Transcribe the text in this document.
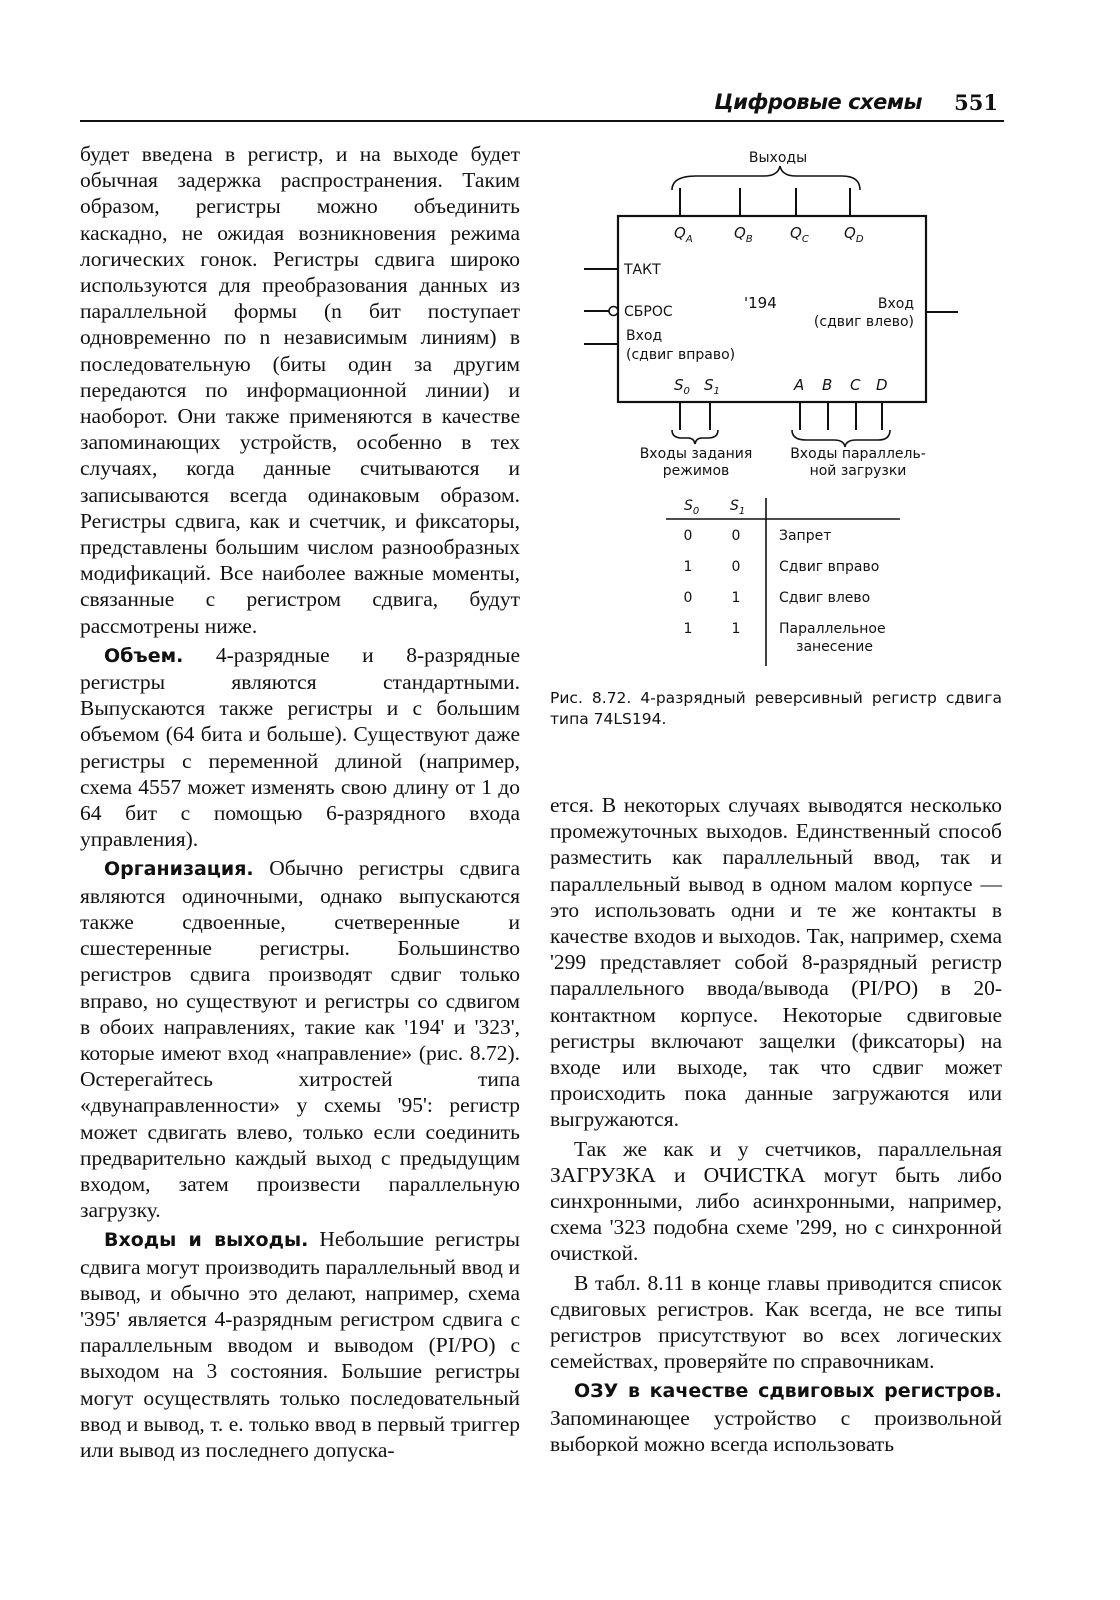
Цифровые схемы 551

будет введена в регистр, и на выходе будет обычная задержка распространения. Таким образом, регистры можно объединить каскадно, не ожидая возникновения режима логических гонок. Регистры сдвига широко используются для преобразования данных из параллельной формы (n бит поступает одновременно по n независимым линиям) в последовательную (биты один за другим передаются по информационной линии) и наоборот. Они также применяются в качестве запоминающих устройств, особенно в тех случаях, когда данные считываются и записываются всегда одинаковым образом. Регистры сдвига, как и счетчик, и фиксаторы, представлены большим числом разнообразных модификаций. Все наиболее важные моменты, связанные с регистром сдвига, будут рассмотрены ниже.

Объем. 4-разрядные и 8-разрядные регистры являются стандартными. Выпускаются также регистры и с большим объемом (64 бита и больше). Существуют даже регистры с переменной длиной (например, схема 4557 может изменять свою длину от 1 до 64 бит с помощью 6-разрядного входа управления).

Организация. Обычно регистры сдвига являются одиночными, однако выпускаются также сдвоенные, счетверенные и сшестеренные регистры. Большинство регистров сдвига производят сдвиг только вправо, но существуют и регистры со сдвигом в обоих направлениях, такие как '194' и '323', которые имеют вход «направление» (рис. 8.72). Остерегайтесь хитростей типа «двунаправленности» у схемы '95': регистр может сдвигать влево, только если соединить предварительно каждый выход с предыдущим входом, затем произвести параллельную загрузку.

Входы и выходы. Небольшие регистры сдвига могут производить параллельный ввод и вывод, и обычно это делают, например, схема '395' является 4-разрядным регистром сдвига с параллельным вводом и выводом (PI/PO) с выходом на 3 состояния. Большие регистры могут осуществлять только последовательный ввод и вывод, т. е. только ввод в первый триггер или вывод из последнего допуска-

Выходы
$Q_A$	$Q_B$ $Q_C$ $Q_D$
ТАКТ
СБРОС
Вход
(сдвиг вправо)
'194	Вход
(сдвиг влево)
$S_0$ $S_1$	A B C D
Входы задания
режимов
Входы параллель-
ной загрузки
$S_0$ $S_1$
0	0	Запрет
1	0	Сдвиг вправо
0	1	Сдвиг влево
1	1	Параллельное
занесение
Рис. 8.72. 4-разрядный реверсивный регистр сдвига типа 74LS194.

ется. В некоторых случаях выводятся несколько промежуточных выходов. Единственный способ разместить как параллельный ввод, так и параллельный вывод в одном малом корпусе — это использовать одни и те же контакты в качестве входов и выходов. Так, например, схема '299 представляет собой 8-разрядный регистр параллельного ввода/вывода (PI/PO) в 20-контактном корпусе. Некоторые сдвиговые регистры включают защелки (фиксаторы) на входе или выходе, так что сдвиг может происходить пока данные загружаются или выгружаются.

Так же как и у счетчиков, параллельная ЗАГРУЗКА и ОЧИСТКА могут быть либо синхронными, либо асинхронными, например, схема '323 подобна схеме '299, но с синхронной очисткой.

В табл. 8.11 в конце главы приводится список сдвиговых регистров. Как всегда, не все типы регистров присутствуют во всех логических семействах, проверяйте по справочникам.

ОЗУ в качестве сдвиговых регистров. Запоминающее устройство с произвольной выборкой можно всегда использовать
